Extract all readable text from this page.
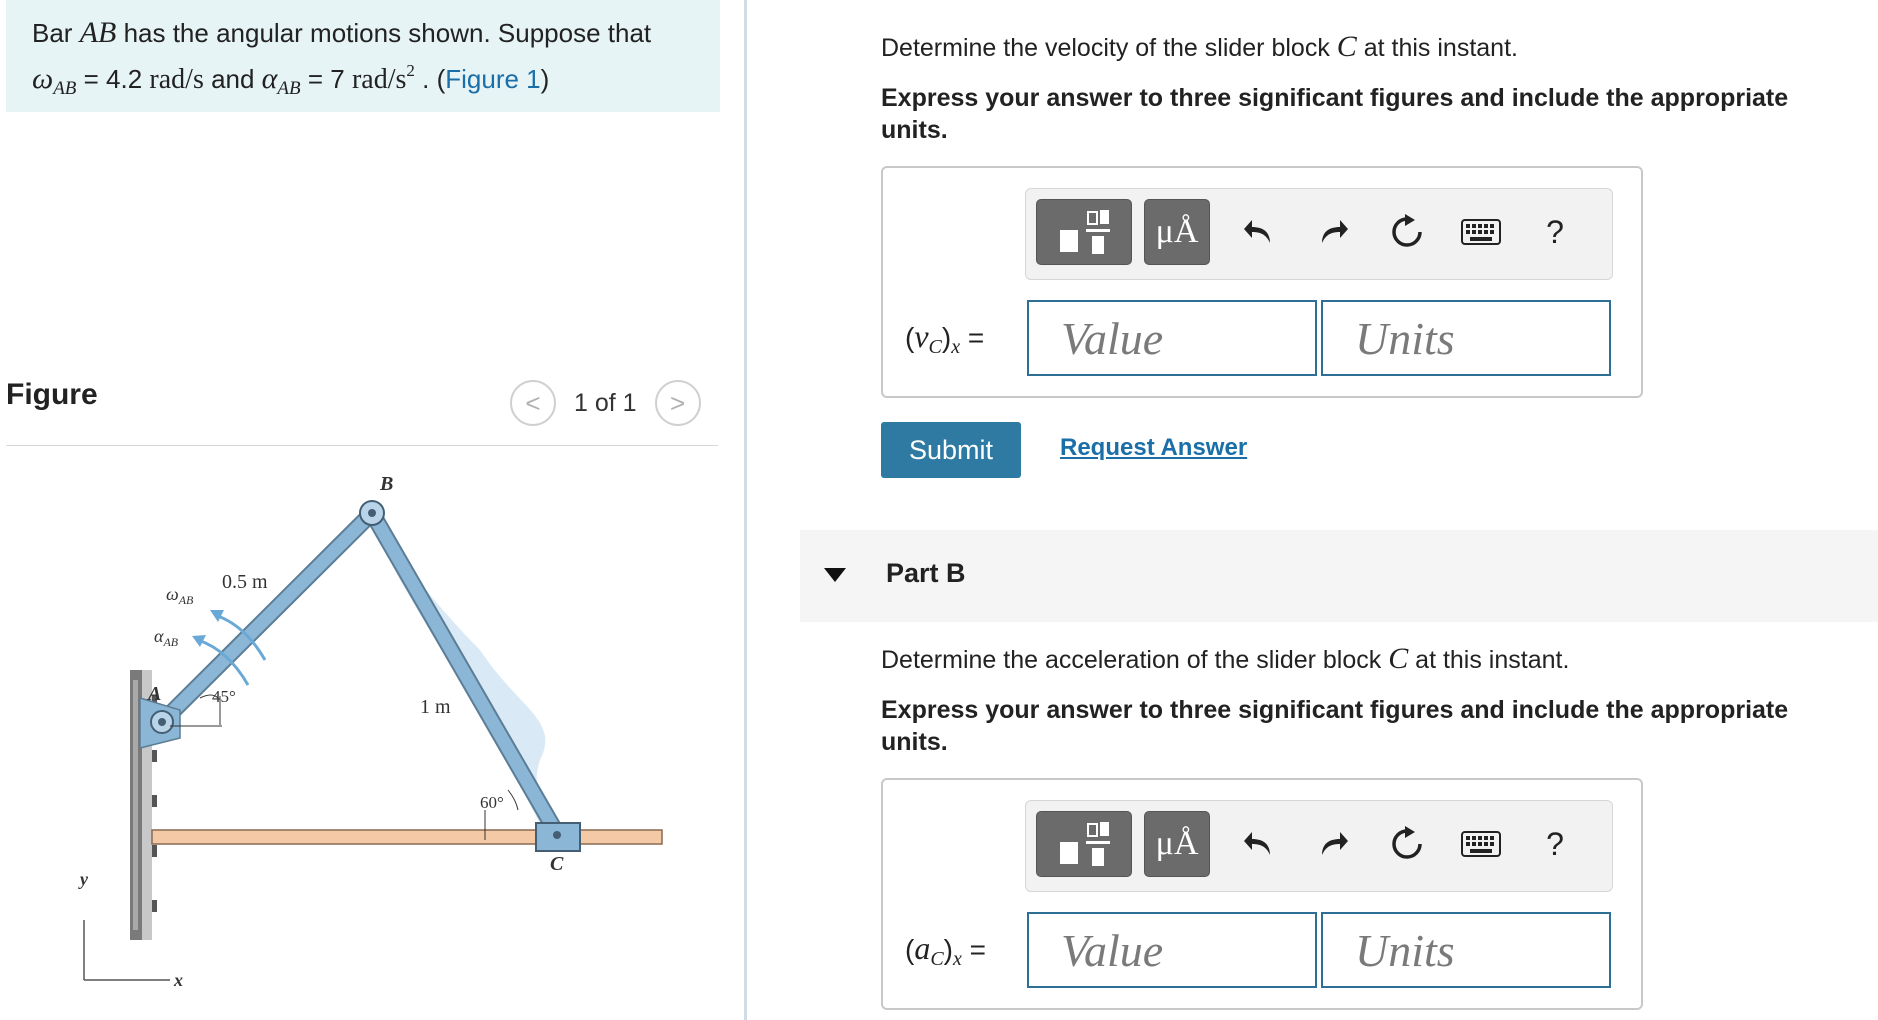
Bar AB has the angular motions shown. Suppose that
$\omega_{AB} = 4.2$ rad/s and $\alpha_{AB} = 7$ rad/$s^2$ . (Figure 1)
Figure	< 1 of 1 >
B
A
C
0.5 m
1 m
45°
60°
$\omega_{AB}$
$\alpha_{AB}$
y
x
Determine the velocity of the slider block C at this instant.
Express your answer to three significant figures and include the appropriate units.
μÅ	?
$(v_C)_x$ =
Value
Units
Submit	Request Answer
Part B
Determine the acceleration of the slider block C at this instant.
Express your answer to three significant figures and include the appropriate units.
μÅ	?
$(a_C)_x$ =
Value
Units
